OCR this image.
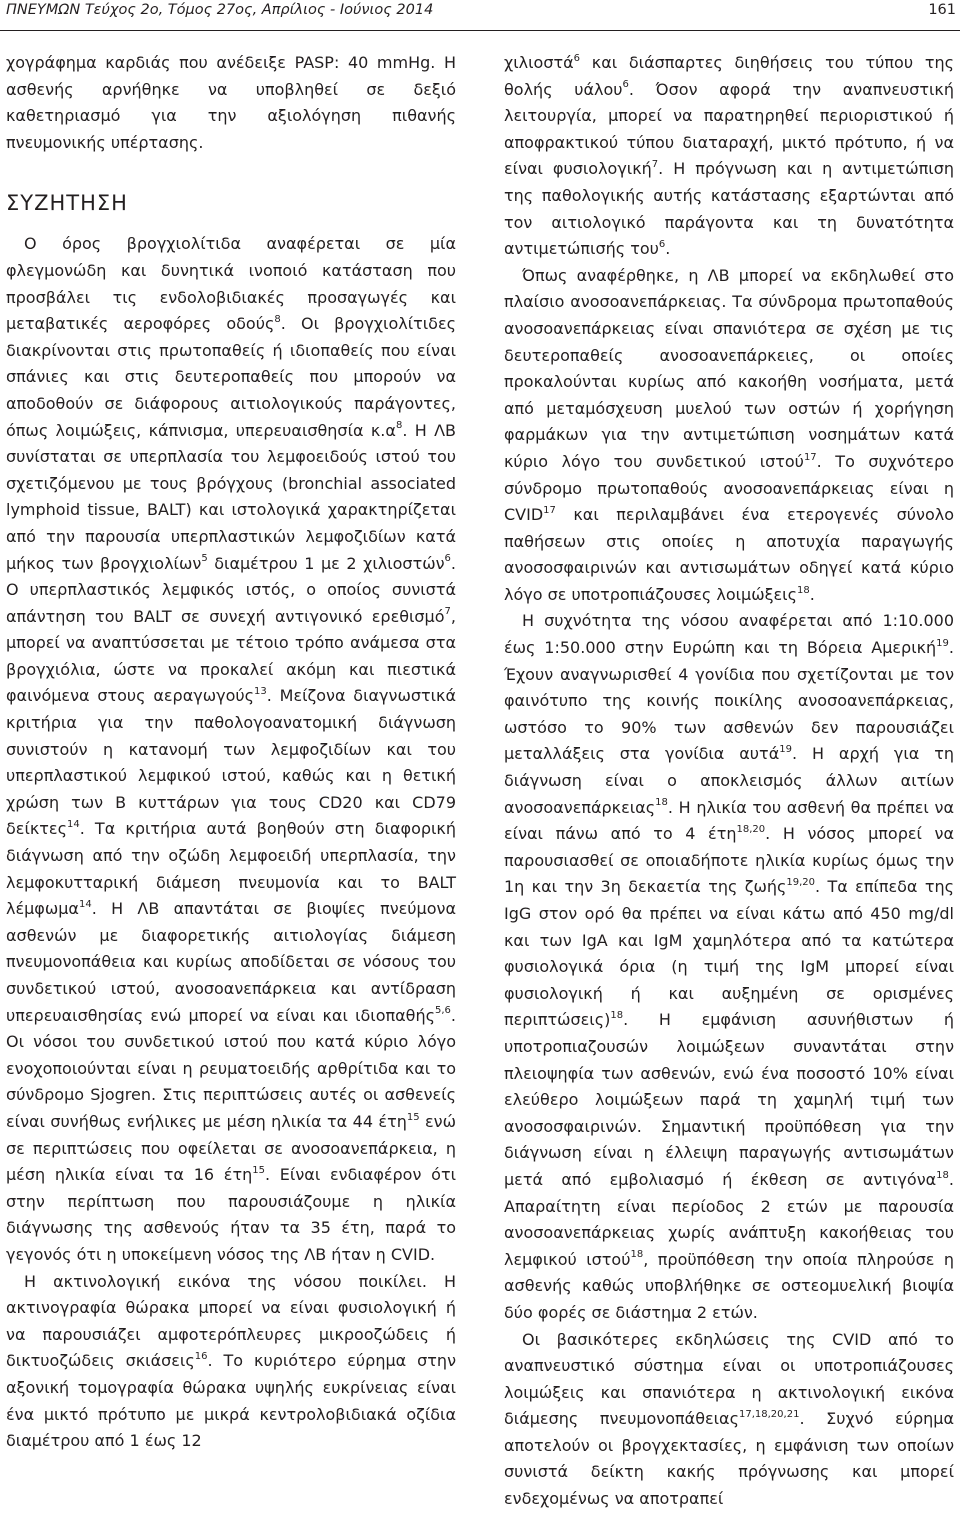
ΠΝΕΥΜΩΝ Τεύχος 2ο, Τόμος 27ος, Απρίλιος - Ιούνιος 2014	161

χογράφημα καρδιάς που ανέδειξε PASP: 40 mmHg. Η ασθενής αρνήθηκε να υποβληθεί σε δεξιό καθετηριασμό για την αξιολόγηση πιθανής πνευμονικής υπέρτασης.

ΣΥΖΗΤΗΣΗ

Ο όρος βρογχιολίτιδα αναφέρεται σε μία φλεγμονώδη και δυνητικά ινοποιό κατάσταση που προσβάλει τις ενδολοβιδιακές προσαγωγές και μεταβατικές αεροφόρες οδούς$^8$. Οι βρογχιολίτιδες διακρίνονται στις πρωτοπαθείς ή ιδιοπαθείς που είναι σπάνιες και στις δευτεροπαθείς που μπορούν να αποδοθούν σε διάφορους αιτιολογικούς παράγοντες, όπως λοιμώξεις, κάπνισμα, υπερευαισθησία $\kappa.\alpha^8$. Η ΛΒ συνίσταται σε υπερπλασία του λεμφοειδούς ιστού του σχετιζόμενου με τους βρόγχους (bronchial associated lymphoid tissue, BALT) και ιστολογικά χαρακτηρίζεται από την παρουσία υπερπλαστικών λεμφοζιδίων κατά μήκος των βρογχιολίων$^5$ διαμέτρου 1 με 2 χιλιοστών$^6$. Ο υπερπλαστικός λεμφικός ιστός, ο οποίος συνιστά απάντηση του BALT σε συνεχή αντιγονικό ερεθισμό$^7$, μπορεί να αναπτύσσεται με τέτοιο τρόπο ανάμεσα στα βρογχιόλια, ώστε να προκαλεί ακόμη και πιεστικά φαινόμενα στους αεραγωγούς$^{13}$. Μείζονα διαγνωστικά κριτήρια για την παθολογοανατομική διάγνωση συνιστούν η κατανομή των λεμφοζιδίων και του υπερπλαστικού λεμφικού ιστού, καθώς και η θετική χρώση των Β κυττάρων για τους CD20 και CD79 δείκτες$^{14}$. Τα κριτήρια αυτά βοηθούν στη διαφορική διάγνωση από την οζώδη λεμφοειδή υπερπλασία, την λεμφοκυτταρική διάμεση πνευμονία και το BALT λέμφωμα$^{14}$. Η ΛΒ απαντάται σε βιοψίες πνεύμονα ασθενών με διαφορετικής αιτιολογίας διάμεση πνευμονοπάθεια και κυρίως αποδίδεται σε νόσους του συνδετικού ιστού, ανοσοανεπάρκεια και αντίδραση υπερευαισθησίας ενώ μπορεί να είναι και ιδιοπαθής$^{5,6}$. Οι νόσοι του συνδετικού ιστού που κατά κύριο λόγο ενοχοποιούνται είναι η ρευματοειδής αρθρίτιδα και το σύνδρομο Sjogren. Στις περιπτώσεις αυτές οι ασθενείς είναι συνήθως ενήλικες με μέση ηλικία τα 44 έτη$^{15}$ ενώ σε περιπτώσεις που οφείλεται σε ανοσοανεπάρκεια, η μέση ηλικία είναι τα 16 έτη$^{15}$. Είναι ενδιαφέρον ότι στην περίπτωση που παρουσιάζουμε η ηλικία διάγνωσης της ασθενούς ήταν τα 35 έτη, παρά το γεγονός ότι η υποκείμενη νόσος της ΛΒ ήταν η CVID.

Η ακτινολογική εικόνα της νόσου ποικίλει. Η ακτινογραφία θώρακα μπορεί να είναι φυσιολογική ή να παρουσιάζει αμφοτερόπλευρες μικροοζώδεις ή δικτυοζώδεις σκιάσεις$^{16}$. Το κυριότερο εύρημα στην αξονική τομογραφία θώρακα υψηλής ευκρίνειας είναι ένα μικτό πρότυπο με μικρά κεντρολοβιδιακά οζίδια διαμέτρου από 1 έως 12

χιλιοστά$^6$ και διάσπαρτες διηθήσεις του τύπου της θολής υάλου$^6$. Όσον αφορά την αναπνευστική λειτουργία, μπορεί να παρατηρηθεί περιοριστικού ή αποφρακτικού τύπου διαταραχή, μικτό πρότυπο, ή να είναι φυσιολογική$^7$. Η πρόγνωση και η αντιμετώπιση της παθολογικής αυτής κατάστασης εξαρτώνται από τον αιτιολογικό παράγοντα και τη δυνατότητα αντιμετώπισής του$^6$.

Όπως αναφέρθηκε, η ΛΒ μπορεί να εκδηλωθεί στο πλαίσιο ανοσοανεπάρκειας. Τα σύνδρομα πρωτοπαθούς ανοσοανεπάρκειας είναι σπανιότερα σε σχέση με τις δευτεροπαθείς ανοσοανεπάρκειες, οι οποίες προκαλούνται κυρίως από κακοήθη νοσήματα, μετά από μεταμόσχευση μυελού των οστών ή χορήγηση φαρμάκων για την αντιμετώπιση νοσημάτων κατά κύριο λόγο του συνδετικού ιστού$^{17}$. Το συχνότερο σύνδρομο πρωτοπαθούς ανοσοανεπάρκειας είναι η CVID$^{17}$ και περιλαμβάνει ένα ετερογενές σύνολο παθήσεων στις οποίες η αποτυχία παραγωγής ανοσοσφαιρινών και αντισωμάτων οδηγεί κατά κύριο λόγο σε υποτροπιάζουσες λοιμώξεις$^{18}$.

Η συχνότητα της νόσου αναφέρεται από 1:10.000 έως 1:50.000 στην Ευρώπη και τη Βόρεια Αμερική$^{19}$. Έχουν αναγνωρισθεί 4 γονίδια που σχετίζονται με τον φαινότυπο της κοινής ποικίλης ανοσοανεπάρκειας, ωστόσο το 90% των ασθενών δεν παρουσιάζει μεταλλάξεις στα γονίδια αυτά$^{19}$. Η αρχή για τη διάγνωση είναι ο αποκλεισμός άλλων αιτίων ανοσοανεπάρκειας$^{18}$. Η ηλικία του ασθενή θα πρέπει να είναι πάνω από το 4 έτη$^{18,20}$. Η νόσος μπορεί να παρουσιασθεί σε οποιαδήποτε ηλικία κυρίως όμως την 1η και την 3η δεκαετία της ζωής$^{19,20}$. Τα επίπεδα της IgG στον ορό θα πρέπει να είναι κάτω από 450 mg/dl και των IgA και IgM χαμηλότερα από τα κατώτερα φυσιολογικά όρια (η τιμή της IgM μπορεί είναι φυσιολογική ή και αυξημένη σε ορισμένες περιπτώσεις)$^{18}$. Η εμφάνιση ασυνήθιστων ή υποτροπιαζουσών λοιμώξεων συναντάται στην πλειοψηφία των ασθενών, ενώ ένα ποσοστό 10% είναι ελεύθερο λοιμώξεων παρά τη χαμηλή τιμή των ανοσοσφαιρινών. Σημαντική προϋπόθεση για την διάγνωση είναι η έλλειψη παραγωγής αντισωμάτων μετά από εμβολιασμό ή έκθεση σε αντιγόνα$^{18}$. Απαραίτητη είναι περίοδος 2 ετών με παρουσία ανοσοανεπάρκειας χωρίς ανάπτυξη κακοήθειας του λεμφικού ιστού$^{18}$, προϋπόθεση την οποία πληρούσε η ασθενής καθώς υποβλήθηκε σε οστεομυελική βιοψία δύο φορές σε διάστημα 2 ετών.

Οι βασικότερες εκδηλώσεις της CVID από το αναπνευστικό σύστημα είναι οι υποτροπιάζουσες λοιμώξεις και σπανιότερα η ακτινολογική εικόνα διάμεσης πνευμονοπάθειας$^{17,18,20,21}$. Συχνό εύρημα αποτελούν οι βρογχεκτασίες, η εμφάνιση των οποίων συνιστά δείκτη κακής πρόγνωσης και μπορεί ενδεχομένως να αποτραπεί
